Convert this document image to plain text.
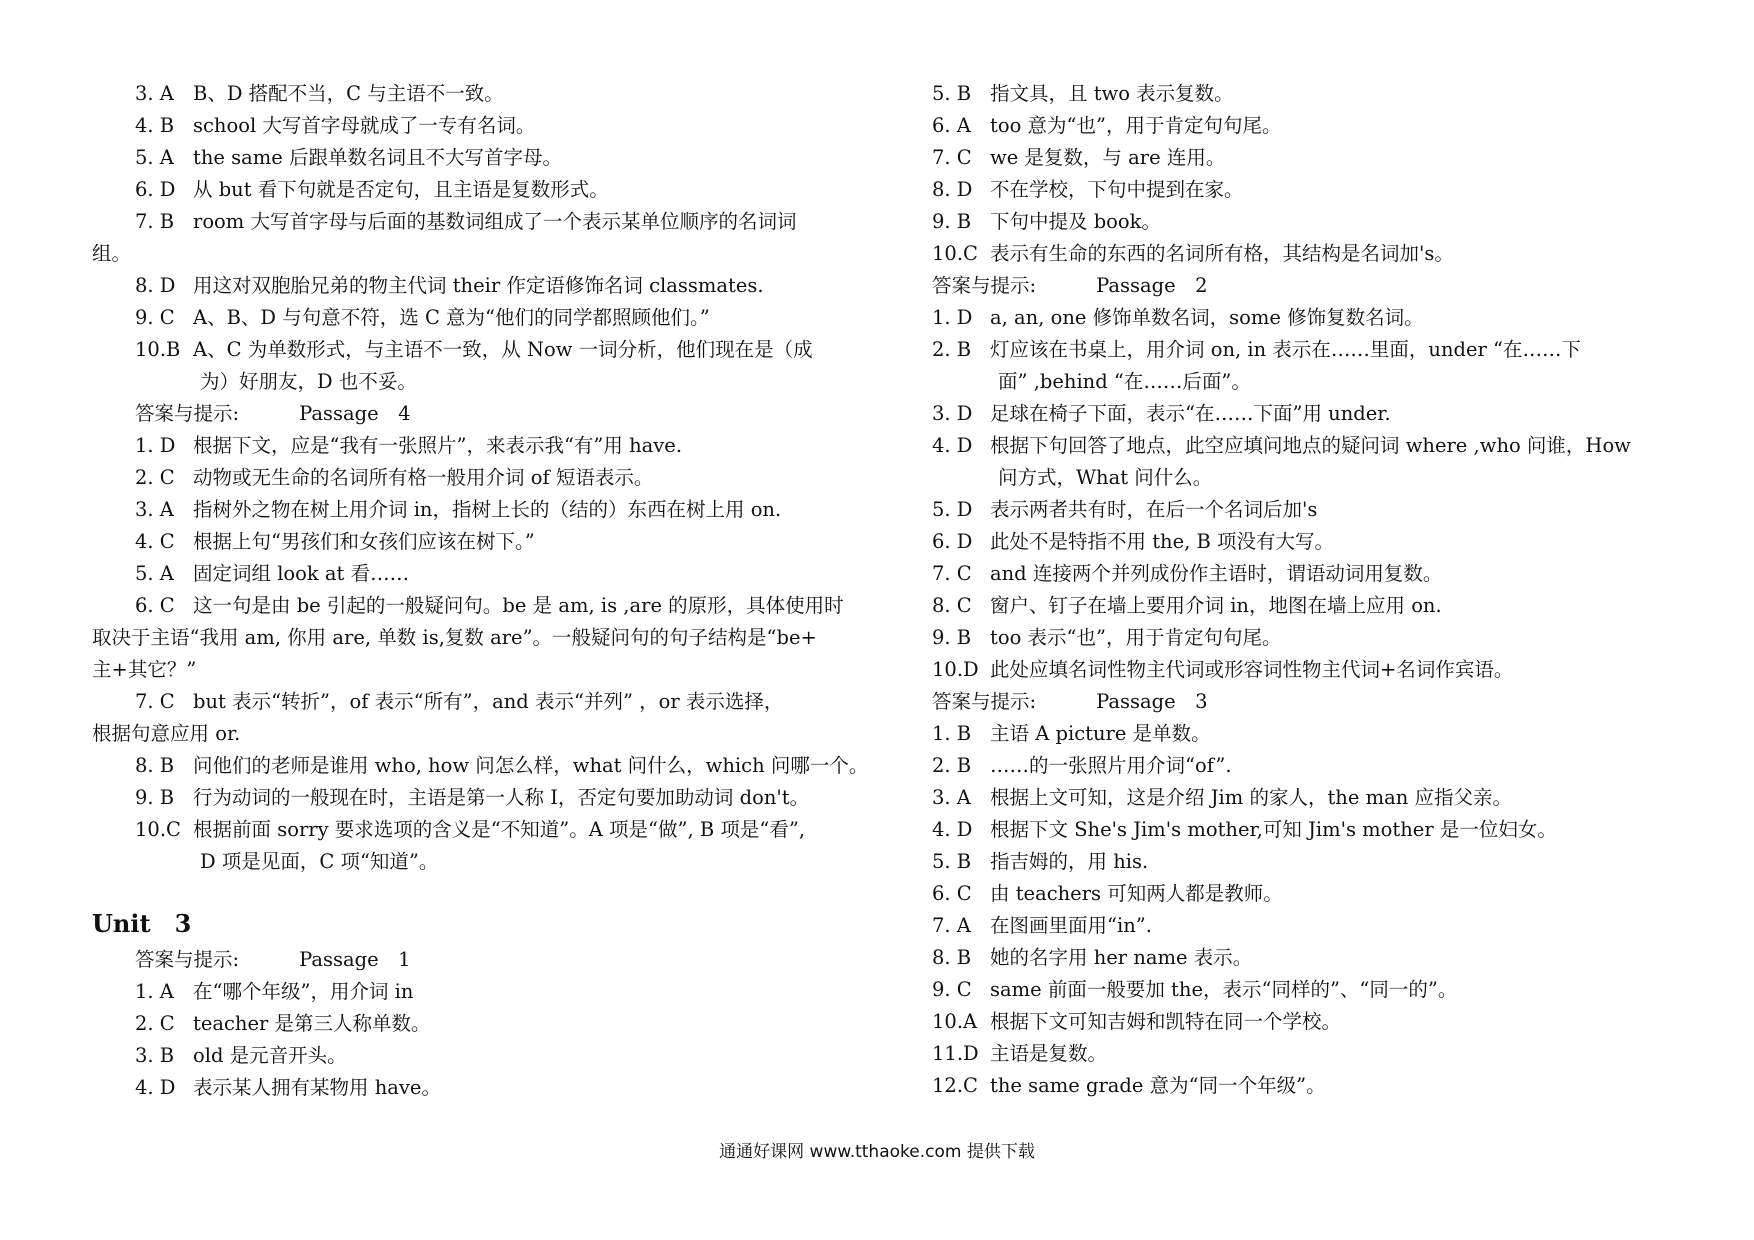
3. A B、D 搭配不当，C 与主语不一致。
4. B school 大写首字母就成了一专有名词。
5. A the same 后跟单数名词且不大写首字母。
6. D 从 but 看下句就是否定句，且主语是复数形式。
7. B room 大写首字母与后面的基数词组成了一个表示某单位顺序的名词词
组。
8. D 用这对双胞胎兄弟的物主代词 their 作定语修饰名词 classmates.
9. C A、B、D 与句意不符，选 C 意为“他们的同学都照顾他们。”
10.B A、C 为单数形式，与主语不一致，从 Now 一词分析，他们现在是（成
为）好朋友，D 也不妥。
答案与提示:	Passage　4
1. D 根据下文，应是“我有一张照片”，来表示我“有”用 have.
2. C 动物或无生命的名词所有格一般用介词 of 短语表示。
3. A 指树外之物在树上用介词 in，指树上长的（结的）东西在树上用 on.
4. C 根据上句“男孩们和女孩们应该在树下。”
5. A 固定词组 look at 看……
6. C 这一句是由 be 引起的一般疑问句。be 是 am, is ,are 的原形，具体使用时
取决于主语“我用 am, 你用 are, 单数 is,复数 are”。一般疑问句的句子结构是“be+
主+其它？”
7. C but 表示“转折”，of 表示“所有”，and 表示“并列” ，or 表示选择，
根据句意应用 or.
8. B 问他们的老师是谁用 who, how 问怎么样，what 问什么，which 问哪一个。
9. B 行为动词的一般现在时，主语是第一人称 I，否定句要加助动词 don't。
10.C 根据前面 sorry 要求选项的含义是“不知道”。A 项是“做”, B 项是“看”,
D 项是见面，C 项“知道”。
Unit　3
答案与提示:	Passage　1
1. A 在“哪个年级”，用介词 in
2. C teacher 是第三人称单数。
3. B old 是元音开头。
4. D 表示某人拥有某物用 have。
5. B 指文具，且 two 表示复数。
6. A too 意为“也”，用于肯定句句尾。
7. C we 是复数，与 are 连用。
8. D 不在学校，下句中提到在家。
9. B 下句中提及 book。
10.C 表示有生命的东西的名词所有格，其结构是名词加's。
答案与提示:	Passage　2
1. D a, an, one 修饰单数名词，some 修饰复数名词。
2. B 灯应该在书桌上，用介词 on, in 表示在……里面，under “在……下
面” ,behind “在……后面”。
3. D 足球在椅子下面，表示“在……下面”用 under.
4. D 根据下句回答了地点，此空应填问地点的疑问词 where ,who 问谁，How
问方式，What 问什么。
5. D 表示两者共有时，在后一个名词后加's
6. D 此处不是特指不用 the, B 项没有大写。
7. C and 连接两个并列成份作主语时，谓语动词用复数。
8. C 窗户、钉子在墙上要用介词 in，地图在墙上应用 on.
9. B too 表示“也”，用于肯定句句尾。
10.D 此处应填名词性物主代词或形容词性物主代词+名词作宾语。
答案与提示:	Passage　3
1. B 主语 A picture 是单数。
2. B ……的一张照片用介词“of”.
3. A 根据上文可知，这是介绍 Jim 的家人，the man 应指父亲。
4. D 根据下文 She's Jim's mother,可知 Jim's mother 是一位妇女。
5. B 指吉姆的，用 his.
6. C 由 teachers 可知两人都是教师。
7. A 在图画里面用“in”.
8. B 她的名字用 her name 表示。
9. C same 前面一般要加 the，表示“同样的”、“同一的”。
10.A 根据下文可知吉姆和凯特在同一个学校。
11.D 主语是复数。
12.C the same grade 意为“同一个年级”。
通通好课网 www.tthaoke.com 提供下载
